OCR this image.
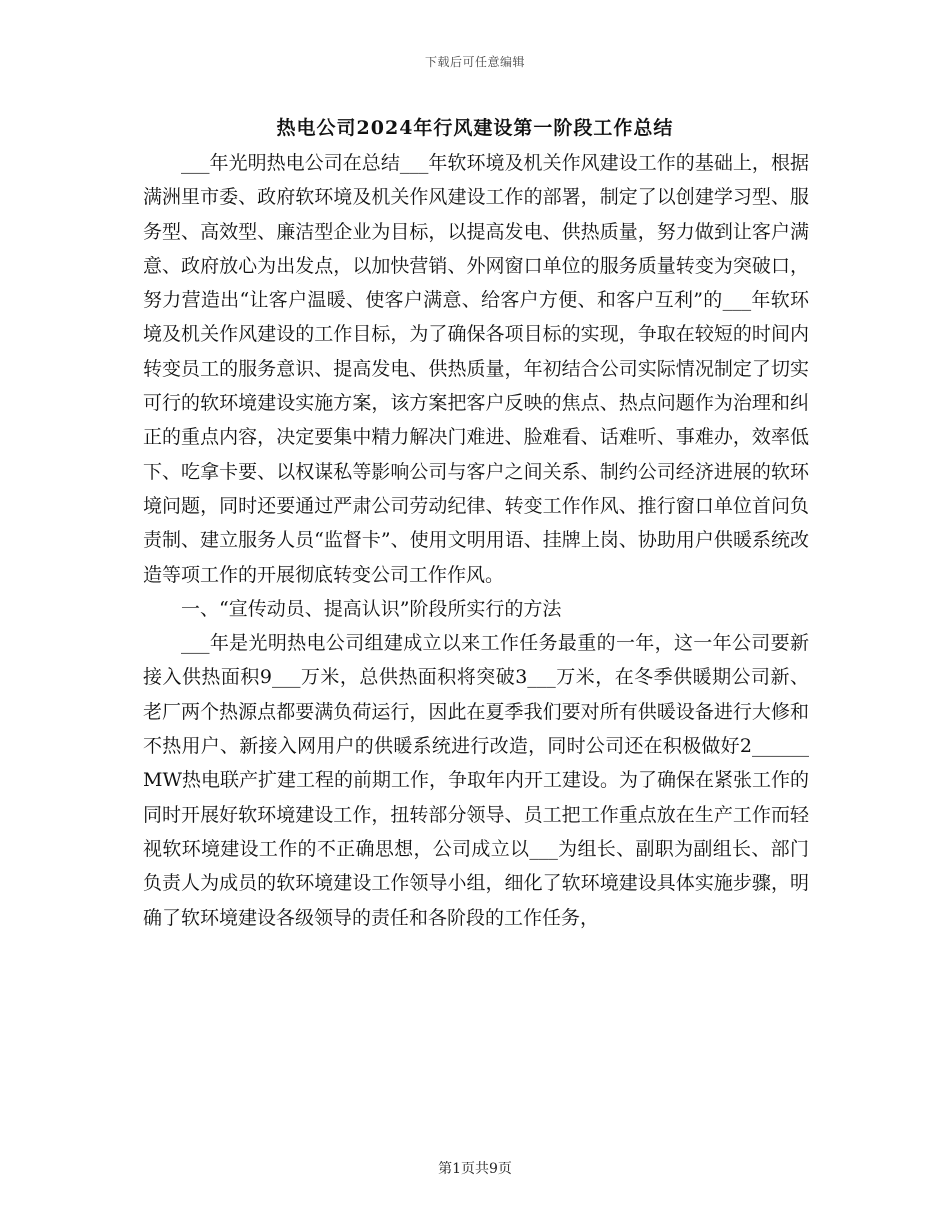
下载后可任意编辑
热电公司2024年行风建设第一阶段工作总结

___年光明热电公司在总结___年软环境及机关作风建设工作的基础上，根据满洲里市委、政府软环境及机关作风建设工作的部署，制定了以创建学习型、服务型、高效型、廉洁型企业为目标，以提高发电、供热质量，努力做到让客户满意、政府放心为出发点，以加快营销、外网窗口单位的服务质量转变为突破口，努力营造出“让客户温暖、使客户满意、给客户方便、和客户互利”的___年软环境及机关作风建设的工作目标，为了确保各项目标的实现，争取在较短的时间内转变员工的服务意识、提高发电、供热质量，年初结合公司实际情况制定了切实可行的软环境建设实施方案，该方案把客户反映的焦点、热点问题作为治理和纠正的重点内容，决定要集中精力解决门难进、脸难看、话难听、事难办，效率低下、吃拿卡要、以权谋私等影响公司与客户之间关系、制约公司经济进展的软环境问题，同时还要通过严肃公司劳动纪律、转变工作作风、推行窗口单位首问负责制、建立服务人员“监督卡”、使用文明用语、挂牌上岗、协助用户供暖系统改造等项工作的开展彻底转变公司工作作风。

一、“宣传动员、提高认识”阶段所实行的方法

___年是光明热电公司组建成立以来工作任务最重的一年，这一年公司要新接入供热面积9___万米，总供热面积将突破3___万米，在冬季供暖期公司新、老厂两个热源点都要满负荷运行，因此在夏季我们要对所有供暖设备进行大修和不热用户、新接入网用户的供暖系统进行改造，同时公司还在积极做好2______MW热电联产扩建工程的前期工作，争取年内开工建设。为了确保在紧张工作的同时开展好软环境建设工作，扭转部分领导、员工把工作重点放在生产工作而轻视软环境建设工作的不正确思想，公司成立以___为组长、副职为副组长、部门负责人为成员的软环境建设工作领导小组，细化了软环境建设具体实施步骤，明确了软环境建设各级领导的责任和各阶段的工作任务，

第1页共9页
